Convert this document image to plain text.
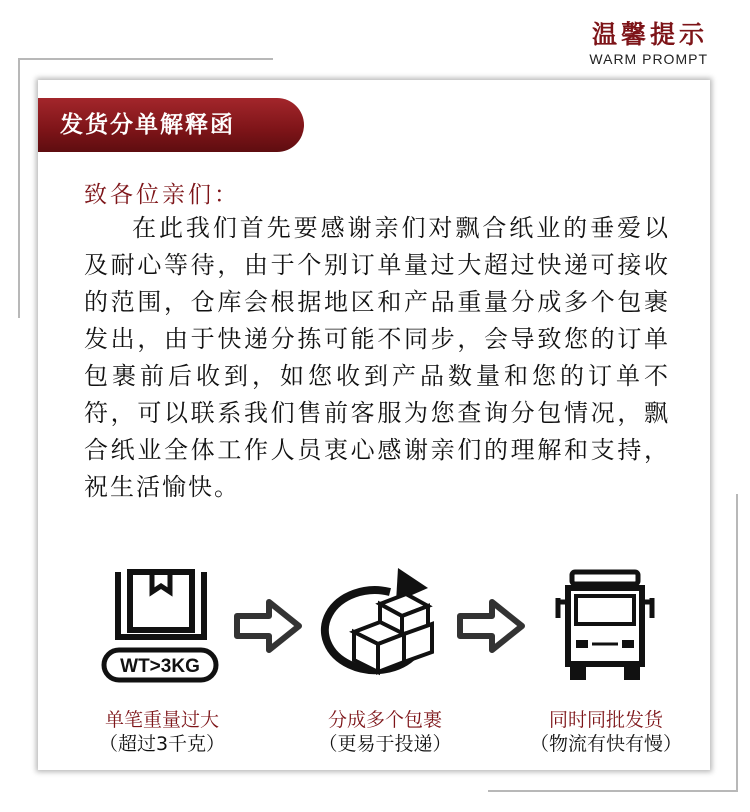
温馨提示
WARM PROMPT
发货分单解释函
致各位亲们：
在此我们首先要感谢亲们对飘合纸业的垂爱以及耐心等待，由于个别订单量过大超过快递可接收的范围，仓库会根据地区和产品重量分成多个包裹发出，由于快递分拣可能不同步，会导致您的订单包裹前后收到，如您收到产品数量和您的订单不符，可以联系我们售前客服为您查询分包情况，飘合纸业全体工作人员衷心感谢亲们的理解和支持，祝生活愉快。
WT>3KG
单笔重量过大
（超过3千克）
分成多个包裹
（更易于投递）
同时同批发货
（物流有快有慢）
